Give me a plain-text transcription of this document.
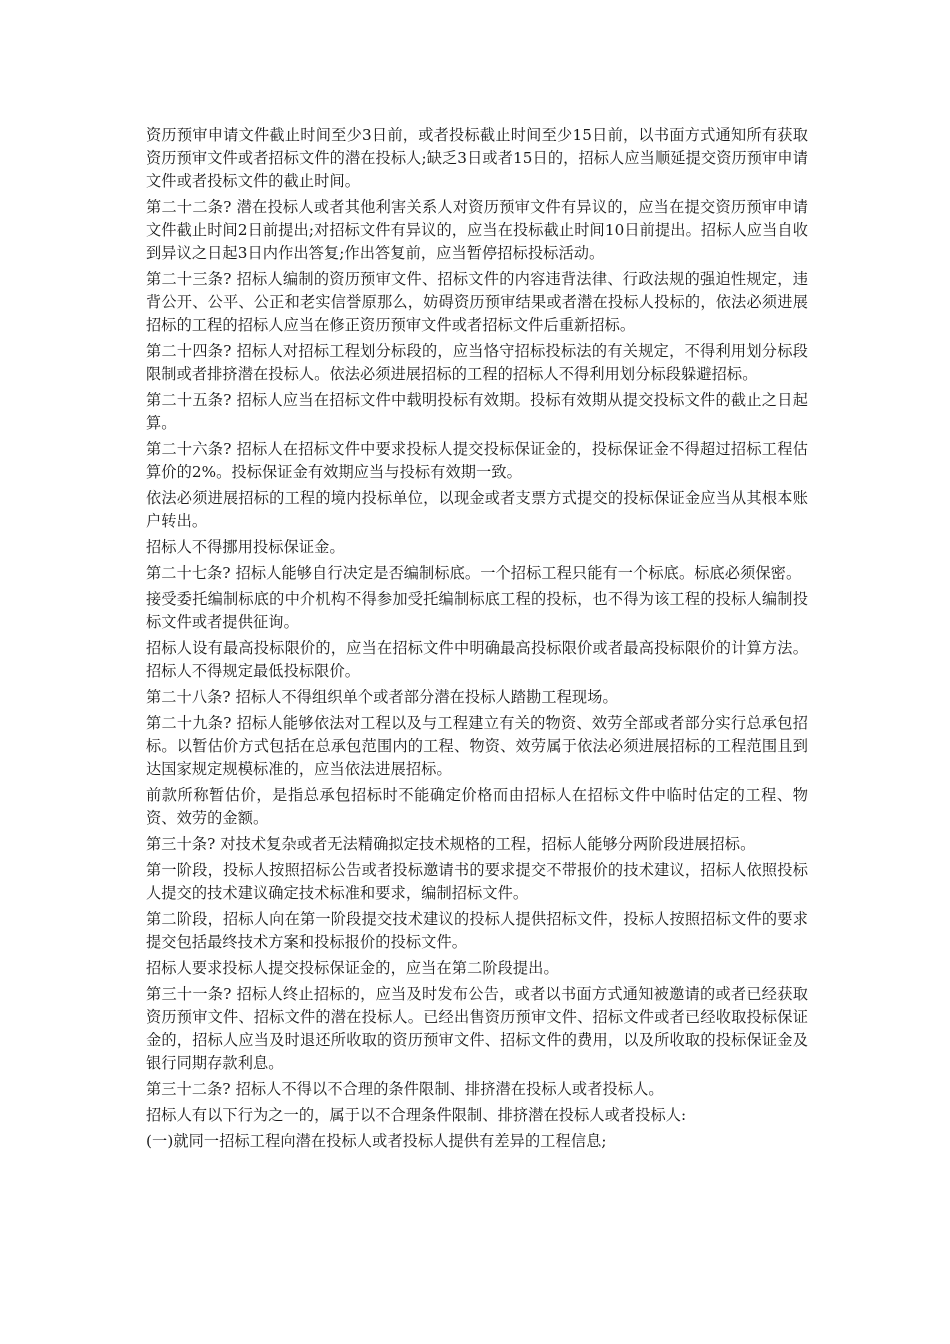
资历预审申请文件截止时间至少3日前，或者投标截止时间至少15日前，以书面方式通知所有获取资历预审文件或者招标文件的潜在投标人;缺乏3日或者15日的，招标人应当顺延提交资历预审申请文件或者投标文件的截止时间。

第二十二条? 潜在投标人或者其他利害关系人对资历预审文件有异议的，应当在提交资历预审申请文件截止时间2日前提出;对招标文件有异议的，应当在投标截止时间10日前提出。招标人应当自收到异议之日起3日内作出答复;作出答复前，应当暂停招标投标活动。

第二十三条? 招标人编制的资历预审文件、招标文件的内容违背法律、行政法规的强迫性规定，违背公开、公平、公正和老实信誉原那么，妨碍资历预审结果或者潜在投标人投标的，依法必须进展招标的工程的招标人应当在修正资历预审文件或者招标文件后重新招标。

第二十四条? 招标人对招标工程划分标段的，应当恪守招标投标法的有关规定，不得利用划分标段限制或者排挤潜在投标人。依法必须进展招标的工程的招标人不得利用划分标段躲避招标。

第二十五条? 招标人应当在招标文件中载明投标有效期。投标有效期从提交投标文件的截止之日起算。

第二十六条? 招标人在招标文件中要求投标人提交投标保证金的，投标保证金不得超过招标工程估算价的2%。投标保证金有效期应当与投标有效期一致。

依法必须进展招标的工程的境内投标单位，以现金或者支票方式提交的投标保证金应当从其根本账户转出。

招标人不得挪用投标保证金。

第二十七条? 招标人能够自行决定是否编制标底。一个招标工程只能有一个标底。标底必须保密。

接受委托编制标底的中介机构不得参加受托编制标底工程的投标，也不得为该工程的投标人编制投标文件或者提供征询。

招标人设有最高投标限价的，应当在招标文件中明确最高投标限价或者最高投标限价的计算方法。招标人不得规定最低投标限价。

第二十八条? 招标人不得组织单个或者部分潜在投标人踏勘工程现场。

第二十九条? 招标人能够依法对工程以及与工程建立有关的物资、效劳全部或者部分实行总承包招标。以暂估价方式包括在总承包范围内的工程、物资、效劳属于依法必须进展招标的工程范围且到达国家规定规模标准的，应当依法进展招标。

前款所称暂估价，是指总承包招标时不能确定价格而由招标人在招标文件中临时估定的工程、物资、效劳的金额。

第三十条? 对技术复杂或者无法精确拟定技术规格的工程，招标人能够分两阶段进展招标。

第一阶段，投标人按照招标公告或者投标邀请书的要求提交不带报价的技术建议，招标人依照投标人提交的技术建议确定技术标准和要求，编制招标文件。

第二阶段，招标人向在第一阶段提交技术建议的投标人提供招标文件，投标人按照招标文件的要求提交包括最终技术方案和投标报价的投标文件。

招标人要求投标人提交投标保证金的，应当在第二阶段提出。

第三十一条? 招标人终止招标的，应当及时发布公告，或者以书面方式通知被邀请的或者已经获取资历预审文件、招标文件的潜在投标人。已经出售资历预审文件、招标文件或者已经收取投标保证金的，招标人应当及时退还所收取的资历预审文件、招标文件的费用，以及所收取的投标保证金及银行同期存款利息。

第三十二条? 招标人不得以不合理的条件限制、排挤潜在投标人或者投标人。

招标人有以下行为之一的，属于以不合理条件限制、排挤潜在投标人或者投标人:

(一)就同一招标工程向潜在投标人或者投标人提供有差异的工程信息;
